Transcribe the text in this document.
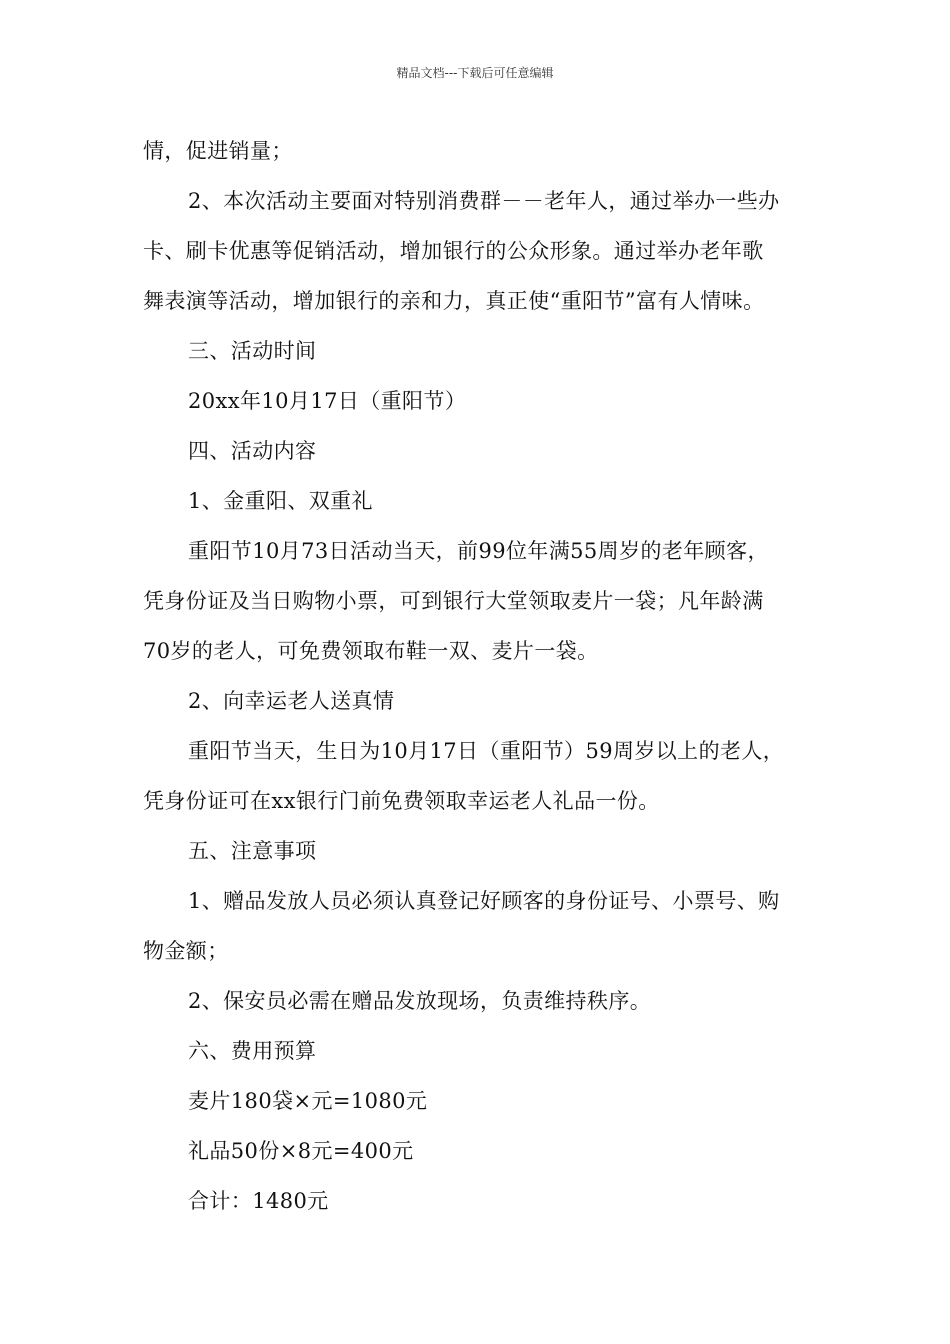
精品文档---下载后可任意编辑
情，促进销量；
2、本次活动主要面对特别消费群－－老年人，通过举办一些办
卡、刷卡优惠等促销活动，增加银行的公众形象。通过举办老年歌
舞表演等活动，增加银行的亲和力，真正使“重阳节”富有人情味。
三、活动时间
20xx年10月17日（重阳节）
四、活动内容
1、金重阳、双重礼
重阳节10月73日活动当天，前99位年满55周岁的老年顾客，
凭身份证及当日购物小票，可到银行大堂领取麦片一袋；凡年龄满
70岁的老人，可免费领取布鞋一双、麦片一袋。
2、向幸运老人送真情
重阳节当天，生日为10月17日（重阳节）59周岁以上的老人，
凭身份证可在xx银行门前免费领取幸运老人礼品一份。
五、注意事项
1、赠品发放人员必须认真登记好顾客的身份证号、小票号、购
物金额；
2、保安员必需在赠品发放现场，负责维持秩序。
六、费用预算
麦片180袋×元=1080元
礼品50份×8元=400元
合计：1480元
